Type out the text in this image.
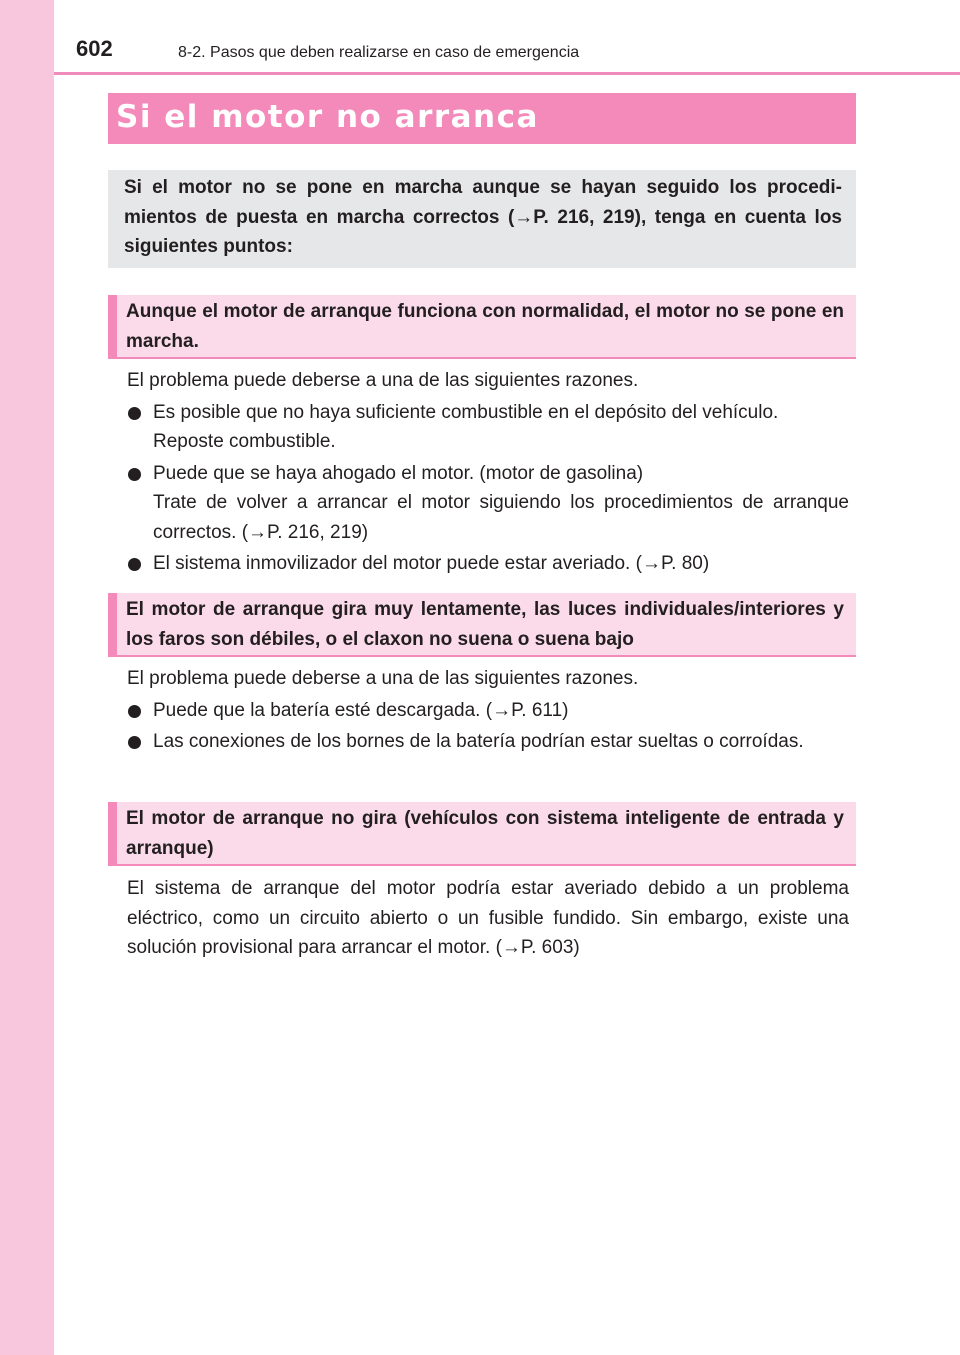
602	8-2. Pasos que deben realizarse en caso de emergencia
Si el motor no arranca

Si el motor no se pone en marcha aunque se hayan seguido los procedimientos de puesta en marcha correctos (→P. 216, 219), tenga en cuenta los siguientes puntos:

Aunque el motor de arranque funciona con normalidad, el motor no se pone en marcha.

El problema puede deberse a una de las siguientes razones.

Es posible que no haya suficiente combustible en el depósito del vehículo.

Reposte combustible.

Puede que se haya ahogado el motor. (motor de gasolina)

Trate de volver a arrancar el motor siguiendo los procedimientos de arranque correctos. (→P. 216, 219)

El sistema inmovilizador del motor puede estar averiado. (→P. 80)

El motor de arranque gira muy lentamente, las luces individuales/interiores y los faros son débiles, o el claxon no suena o suena bajo

El problema puede deberse a una de las siguientes razones.

Puede que la batería esté descargada. (→P. 611)

Las conexiones de los bornes de la batería podrían estar sueltas o corroídas.

El motor de arranque no gira (vehículos con sistema inteligente de entrada y arranque)

El sistema de arranque del motor podría estar averiado debido a un problema eléctrico, como un circuito abierto o un fusible fundido. Sin embargo, existe una solución provisional para arrancar el motor. (→P. 603)
